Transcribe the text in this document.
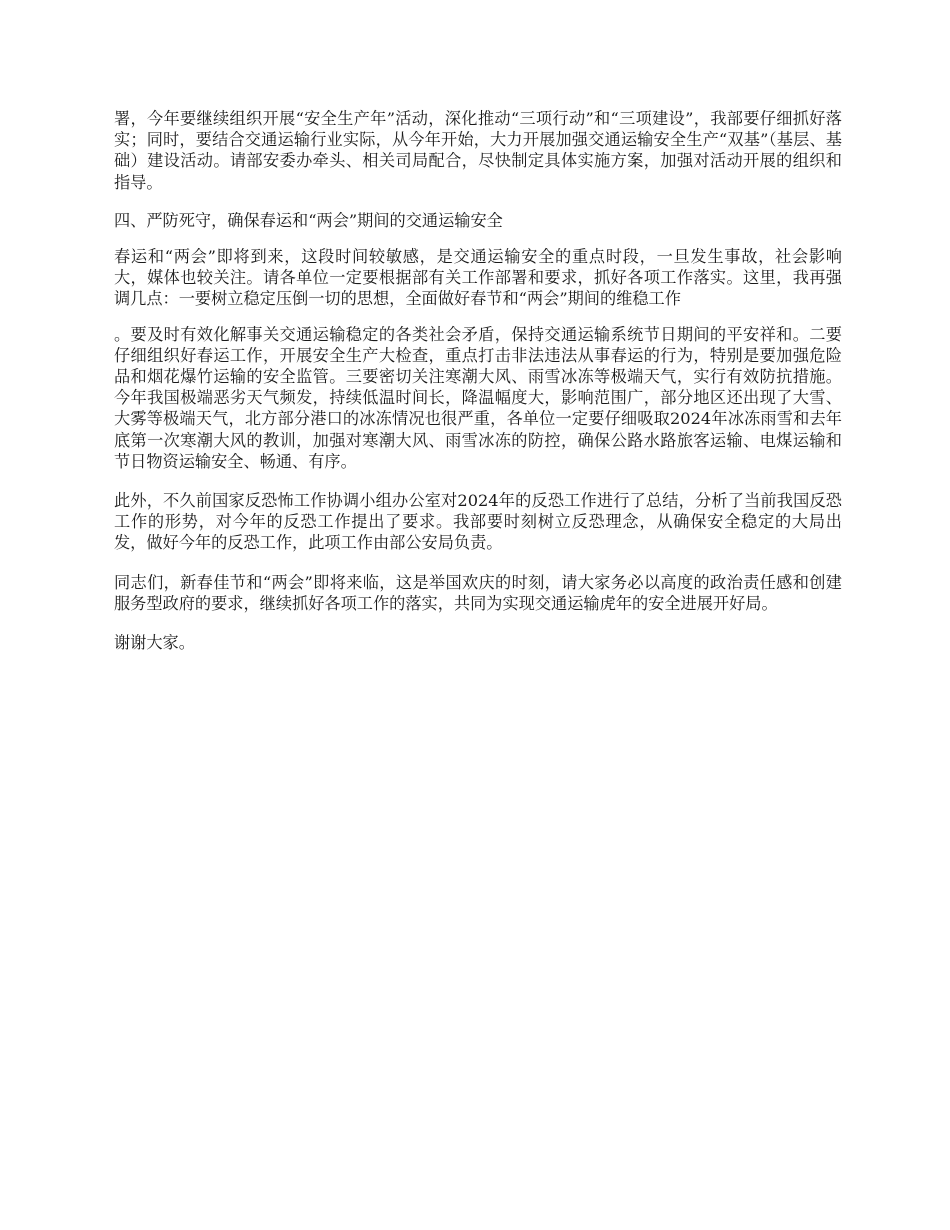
署，今年要继续组织开展“安全生产年”活动，深化推动“三项行动”和“三项建设”，我部要仔细抓好落实；同时，要结合交通运输行业实际，从今年开始，大力开展加强交通运输安全生产“双基”（基层、基础）建设活动。请部安委办牵头、相关司局配合，尽快制定具体实施方案，加强对活动开展的组织和指导。

四、严防死守，确保春运和“两会”期间的交通运输安全

春运和“两会”即将到来，这段时间较敏感，是交通运输安全的重点时段，一旦发生事故，社会影响大，媒体也较关注。请各单位一定要根据部有关工作部署和要求，抓好各项工作落实。这里，我再强调几点：一要树立稳定压倒一切的思想，全面做好春节和“两会”期间的维稳工作

。要及时有效化解事关交通运输稳定的各类社会矛盾，保持交通运输系统节日期间的平安祥和。二要仔细组织好春运工作，开展安全生产大检查，重点打击非法违法从事春运的行为，特别是要加强危险品和烟花爆竹运输的安全监管。三要密切关注寒潮大风、雨雪冰冻等极端天气，实行有效防抗措施。今年我国极端恶劣天气频发，持续低温时间长，降温幅度大，影响范围广，部分地区还出现了大雪、大雾等极端天气，北方部分港口的冰冻情况也很严重，各单位一定要仔细吸取2024年冰冻雨雪和去年底第一次寒潮大风的教训，加强对寒潮大风、雨雪冰冻的防控，确保公路水路旅客运输、电煤运输和节日物资运输安全、畅通、有序。

此外，不久前国家反恐怖工作协调小组办公室对2024年的反恐工作进行了总结，分析了当前我国反恐工作的形势，对今年的反恐工作提出了要求。我部要时刻树立反恐理念，从确保安全稳定的大局出发，做好今年的反恐工作，此项工作由部公安局负责。

同志们，新春佳节和“两会”即将来临，这是举国欢庆的时刻，请大家务必以高度的政治责任感和创建服务型政府的要求，继续抓好各项工作的落实，共同为实现交通运输虎年的安全进展开好局。

谢谢大家。
